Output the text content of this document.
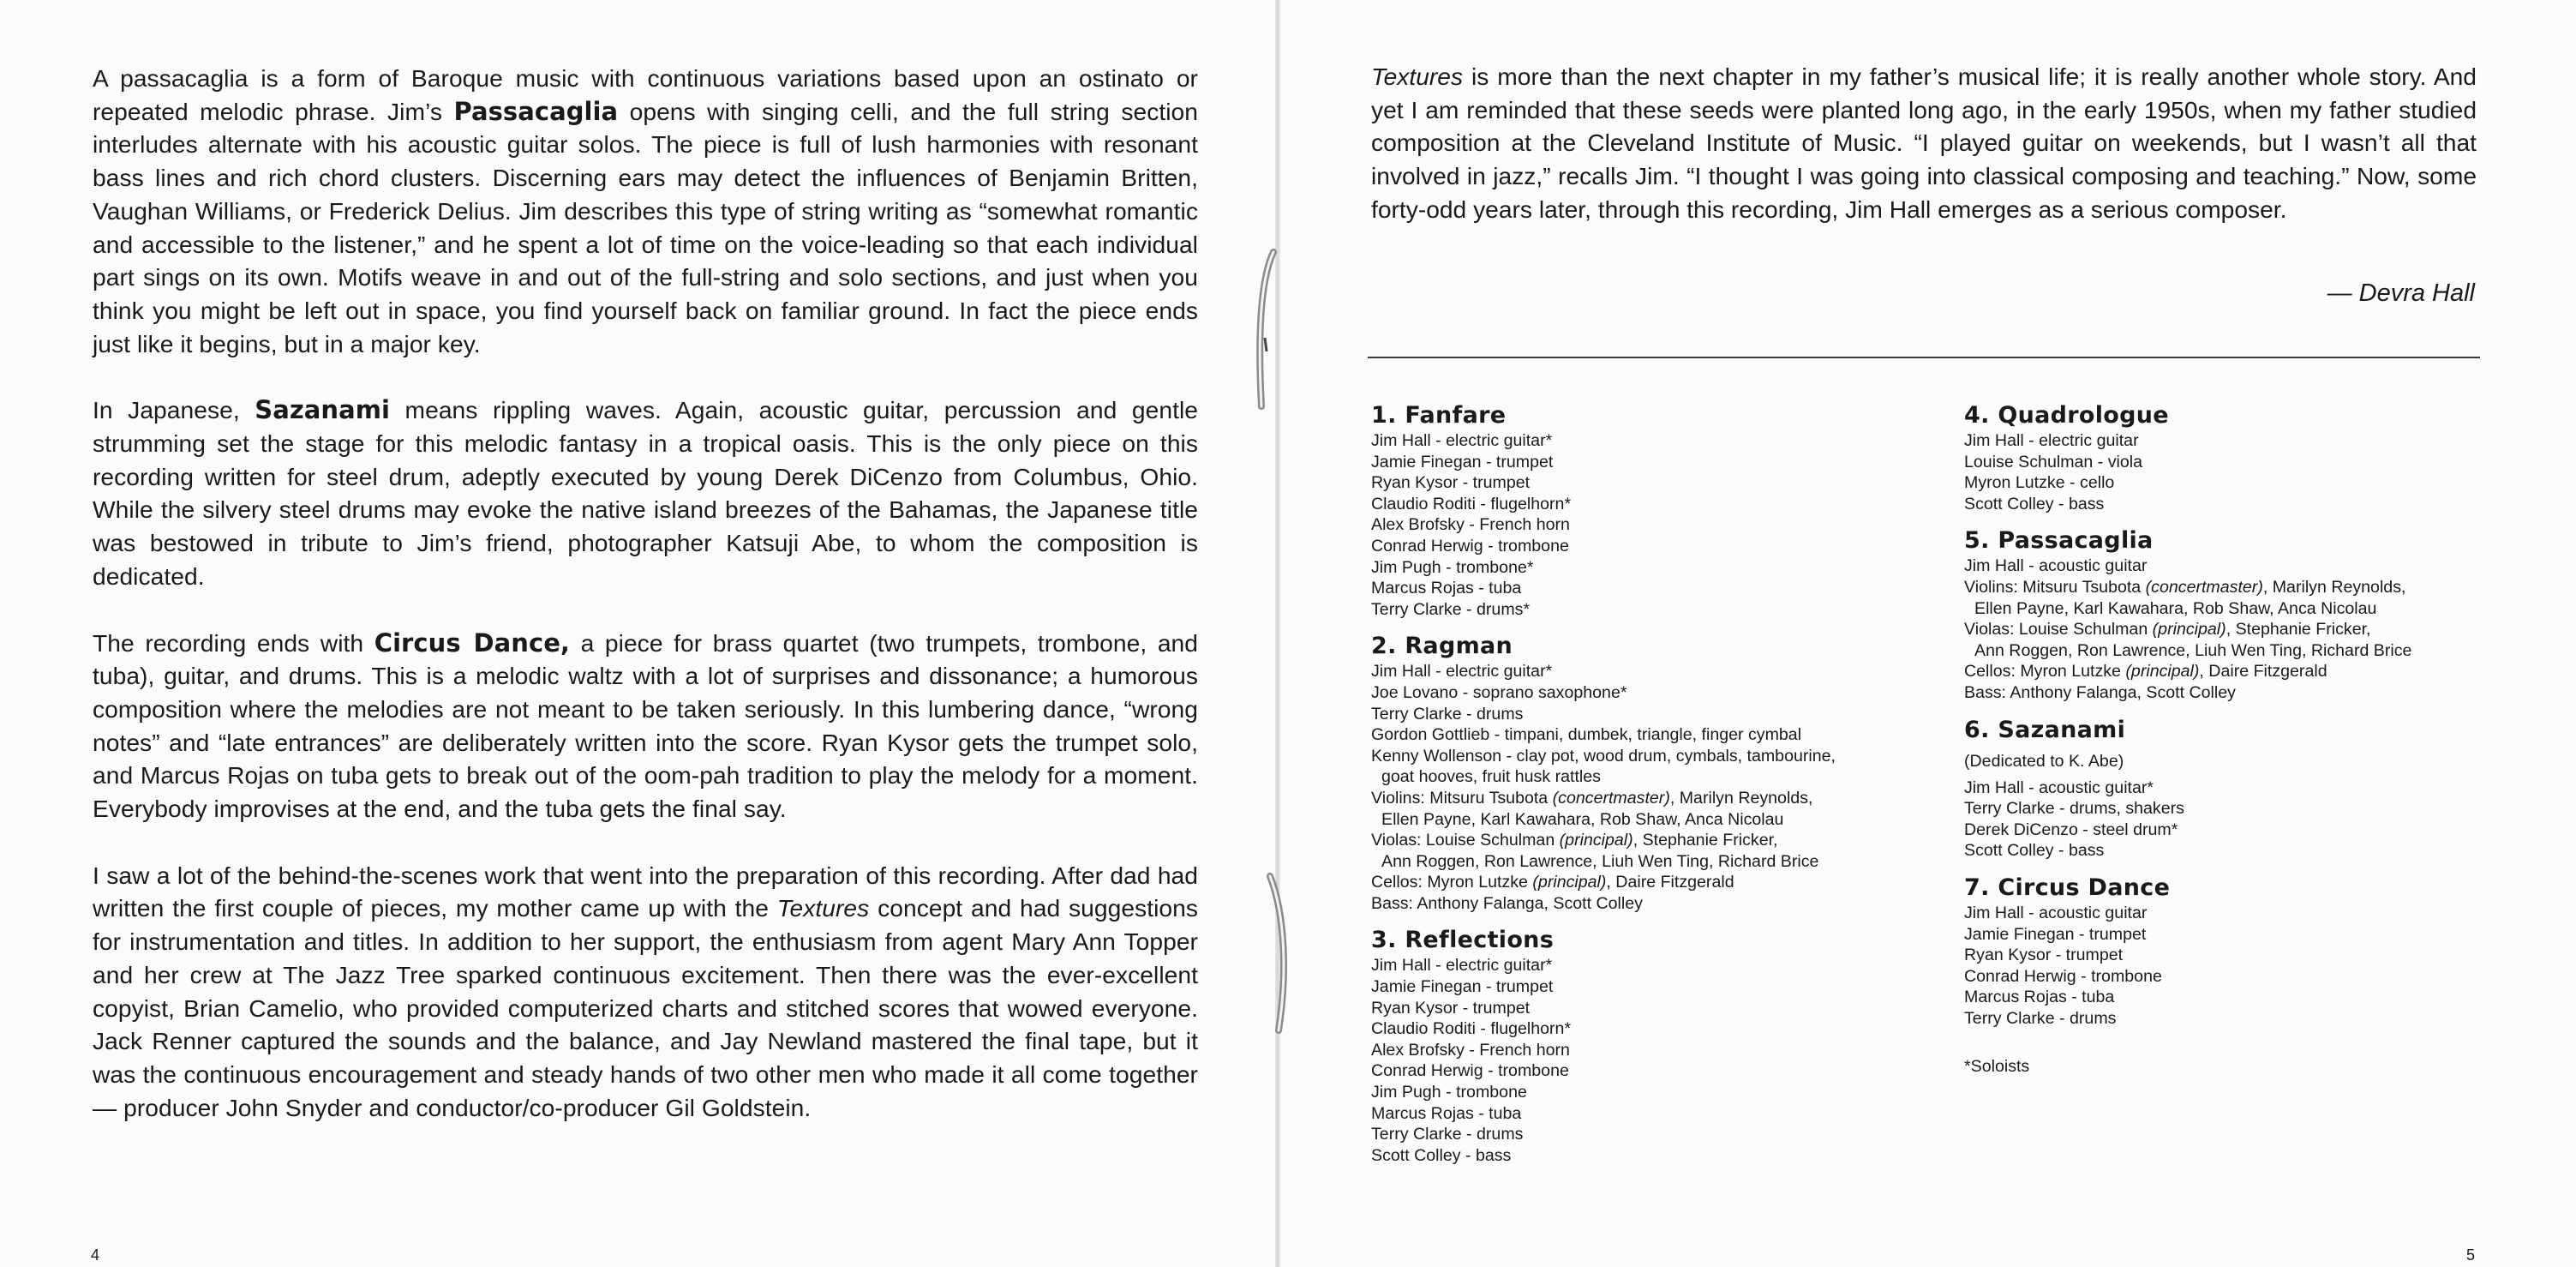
A passacaglia is a form of Baroque music with continuous variations based upon an ostinato or repeated melodic phrase. Jim’s Passacaglia opens with singing celli, and the full string section interludes alternate with his acoustic guitar solos. The piece is full of lush harmonies with resonant bass lines and rich chord clusters. Discerning ears may detect the influences of Benjamin Britten, Vaughan Williams, or Frederick Delius. Jim describes this type of string writing as “somewhat romantic and accessible to the listener,” and he spent a lot of time on the voice-leading so that each individual part sings on its own. Motifs weave in and out of the full-string and solo sections, and just when you think you might be left out in space, you find yourself back on familiar ground. In fact the piece ends just like it begins, but in a major key.

In Japanese, Sazanami means rippling waves. Again, acoustic guitar, percussion and gentle strumming set the stage for this melodic fantasy in a tropical oasis. This is the only piece on this recording written for steel drum, adeptly executed by young Derek DiCenzo from Columbus, Ohio. While the silvery steel drums may evoke the native island breezes of the Bahamas, the Japanese title was bestowed in tribute to Jim’s friend, photographer Katsuji Abe, to whom the composition is dedicated.

The recording ends with Circus Dance, a piece for brass quartet (two trumpets, trombone, and tuba), guitar, and drums. This is a melodic waltz with a lot of surprises and dissonance; a humorous composition where the melodies are not meant to be taken seriously. In this lumbering dance, “wrong notes” and “late entrances” are deliberately written into the score. Ryan Kysor gets the trumpet solo, and Marcus Rojas on tuba gets to break out of the oom-pah tradition to play the melody for a moment. Everybody improvises at the end, and the tuba gets the final say.

I saw a lot of the behind-the-scenes work that went into the preparation of this recording. After dad had written the first couple of pieces, my mother came up with the Textures concept and had suggestions for instrumentation and titles. In addition to her support, the enthusiasm from agent Mary Ann Topper and her crew at The Jazz Tree sparked continuous excitement. Then there was the ever-excellent copyist, Brian Camelio, who provided computerized charts and stitched scores that wowed everyone. Jack Renner captured the sounds and the balance, and Jay Newland mastered the final tape, but it was the continuous encouragement and steady hands of two other men who made it all come together — producer John Snyder and conductor/co-producer Gil Goldstein.

Textures is more than the next chapter in my father’s musical life; it is really another whole story. And yet I am reminded that these seeds were planted long ago, in the early 1950s, when my father studied composition at the Cleveland Institute of Music. “I played guitar on weekends, but I wasn’t all that involved in jazz,” recalls Jim. “I thought I was going into classical composing and teaching.” Now, some forty-odd years later, through this recording, Jim Hall emerges as a serious composer.

— Devra Hall
1. Fanfare
Jim Hall - electric guitar*
Jamie Finegan - trumpet
Ryan Kysor - trumpet
Claudio Roditi - flugelhorn*
Alex Brofsky - French horn
Conrad Herwig - trombone
Jim Pugh - trombone*
Marcus Rojas - tuba
Terry Clarke - drums*
2. Ragman
Jim Hall - electric guitar*
Joe Lovano - soprano saxophone*
Terry Clarke - drums
Gordon Gottlieb - timpani, dumbek, triangle, finger cymbal
Kenny Wollenson - clay pot, wood drum, cymbals, tambourine,
goat hooves, fruit husk rattles
Violins: Mitsuru Tsubota (concertmaster), Marilyn Reynolds,
Ellen Payne, Karl Kawahara, Rob Shaw, Anca Nicolau
Violas: Louise Schulman (principal), Stephanie Fricker,
Ann Roggen, Ron Lawrence, Liuh Wen Ting, Richard Brice
Cellos: Myron Lutzke (principal), Daire Fitzgerald
Bass: Anthony Falanga, Scott Colley
3. Reflections
Jim Hall - electric guitar*
Jamie Finegan - trumpet
Ryan Kysor - trumpet
Claudio Roditi - flugelhorn*
Alex Brofsky - French horn
Conrad Herwig - trombone
Jim Pugh - trombone
Marcus Rojas - tuba
Terry Clarke - drums
Scott Colley - bass
4. Quadrologue
Jim Hall - electric guitar
Louise Schulman - viola
Myron Lutzke - cello
Scott Colley - bass
5. Passacaglia
Jim Hall - acoustic guitar
Violins: Mitsuru Tsubota (concertmaster), Marilyn Reynolds,
Ellen Payne, Karl Kawahara, Rob Shaw, Anca Nicolau
Violas: Louise Schulman (principal), Stephanie Fricker,
Ann Roggen, Ron Lawrence, Liuh Wen Ting, Richard Brice
Cellos: Myron Lutzke (principal), Daire Fitzgerald
Bass: Anthony Falanga, Scott Colley
6. Sazanami
(Dedicated to K. Abe)
Jim Hall - acoustic guitar*
Terry Clarke - drums, shakers
Derek DiCenzo - steel drum*
Scott Colley - bass
7. Circus Dance
Jim Hall - acoustic guitar
Jamie Finegan - trumpet
Ryan Kysor - trumpet
Conrad Herwig - trombone
Marcus Rojas - tuba
Terry Clarke - drums
*Soloists
4	5
